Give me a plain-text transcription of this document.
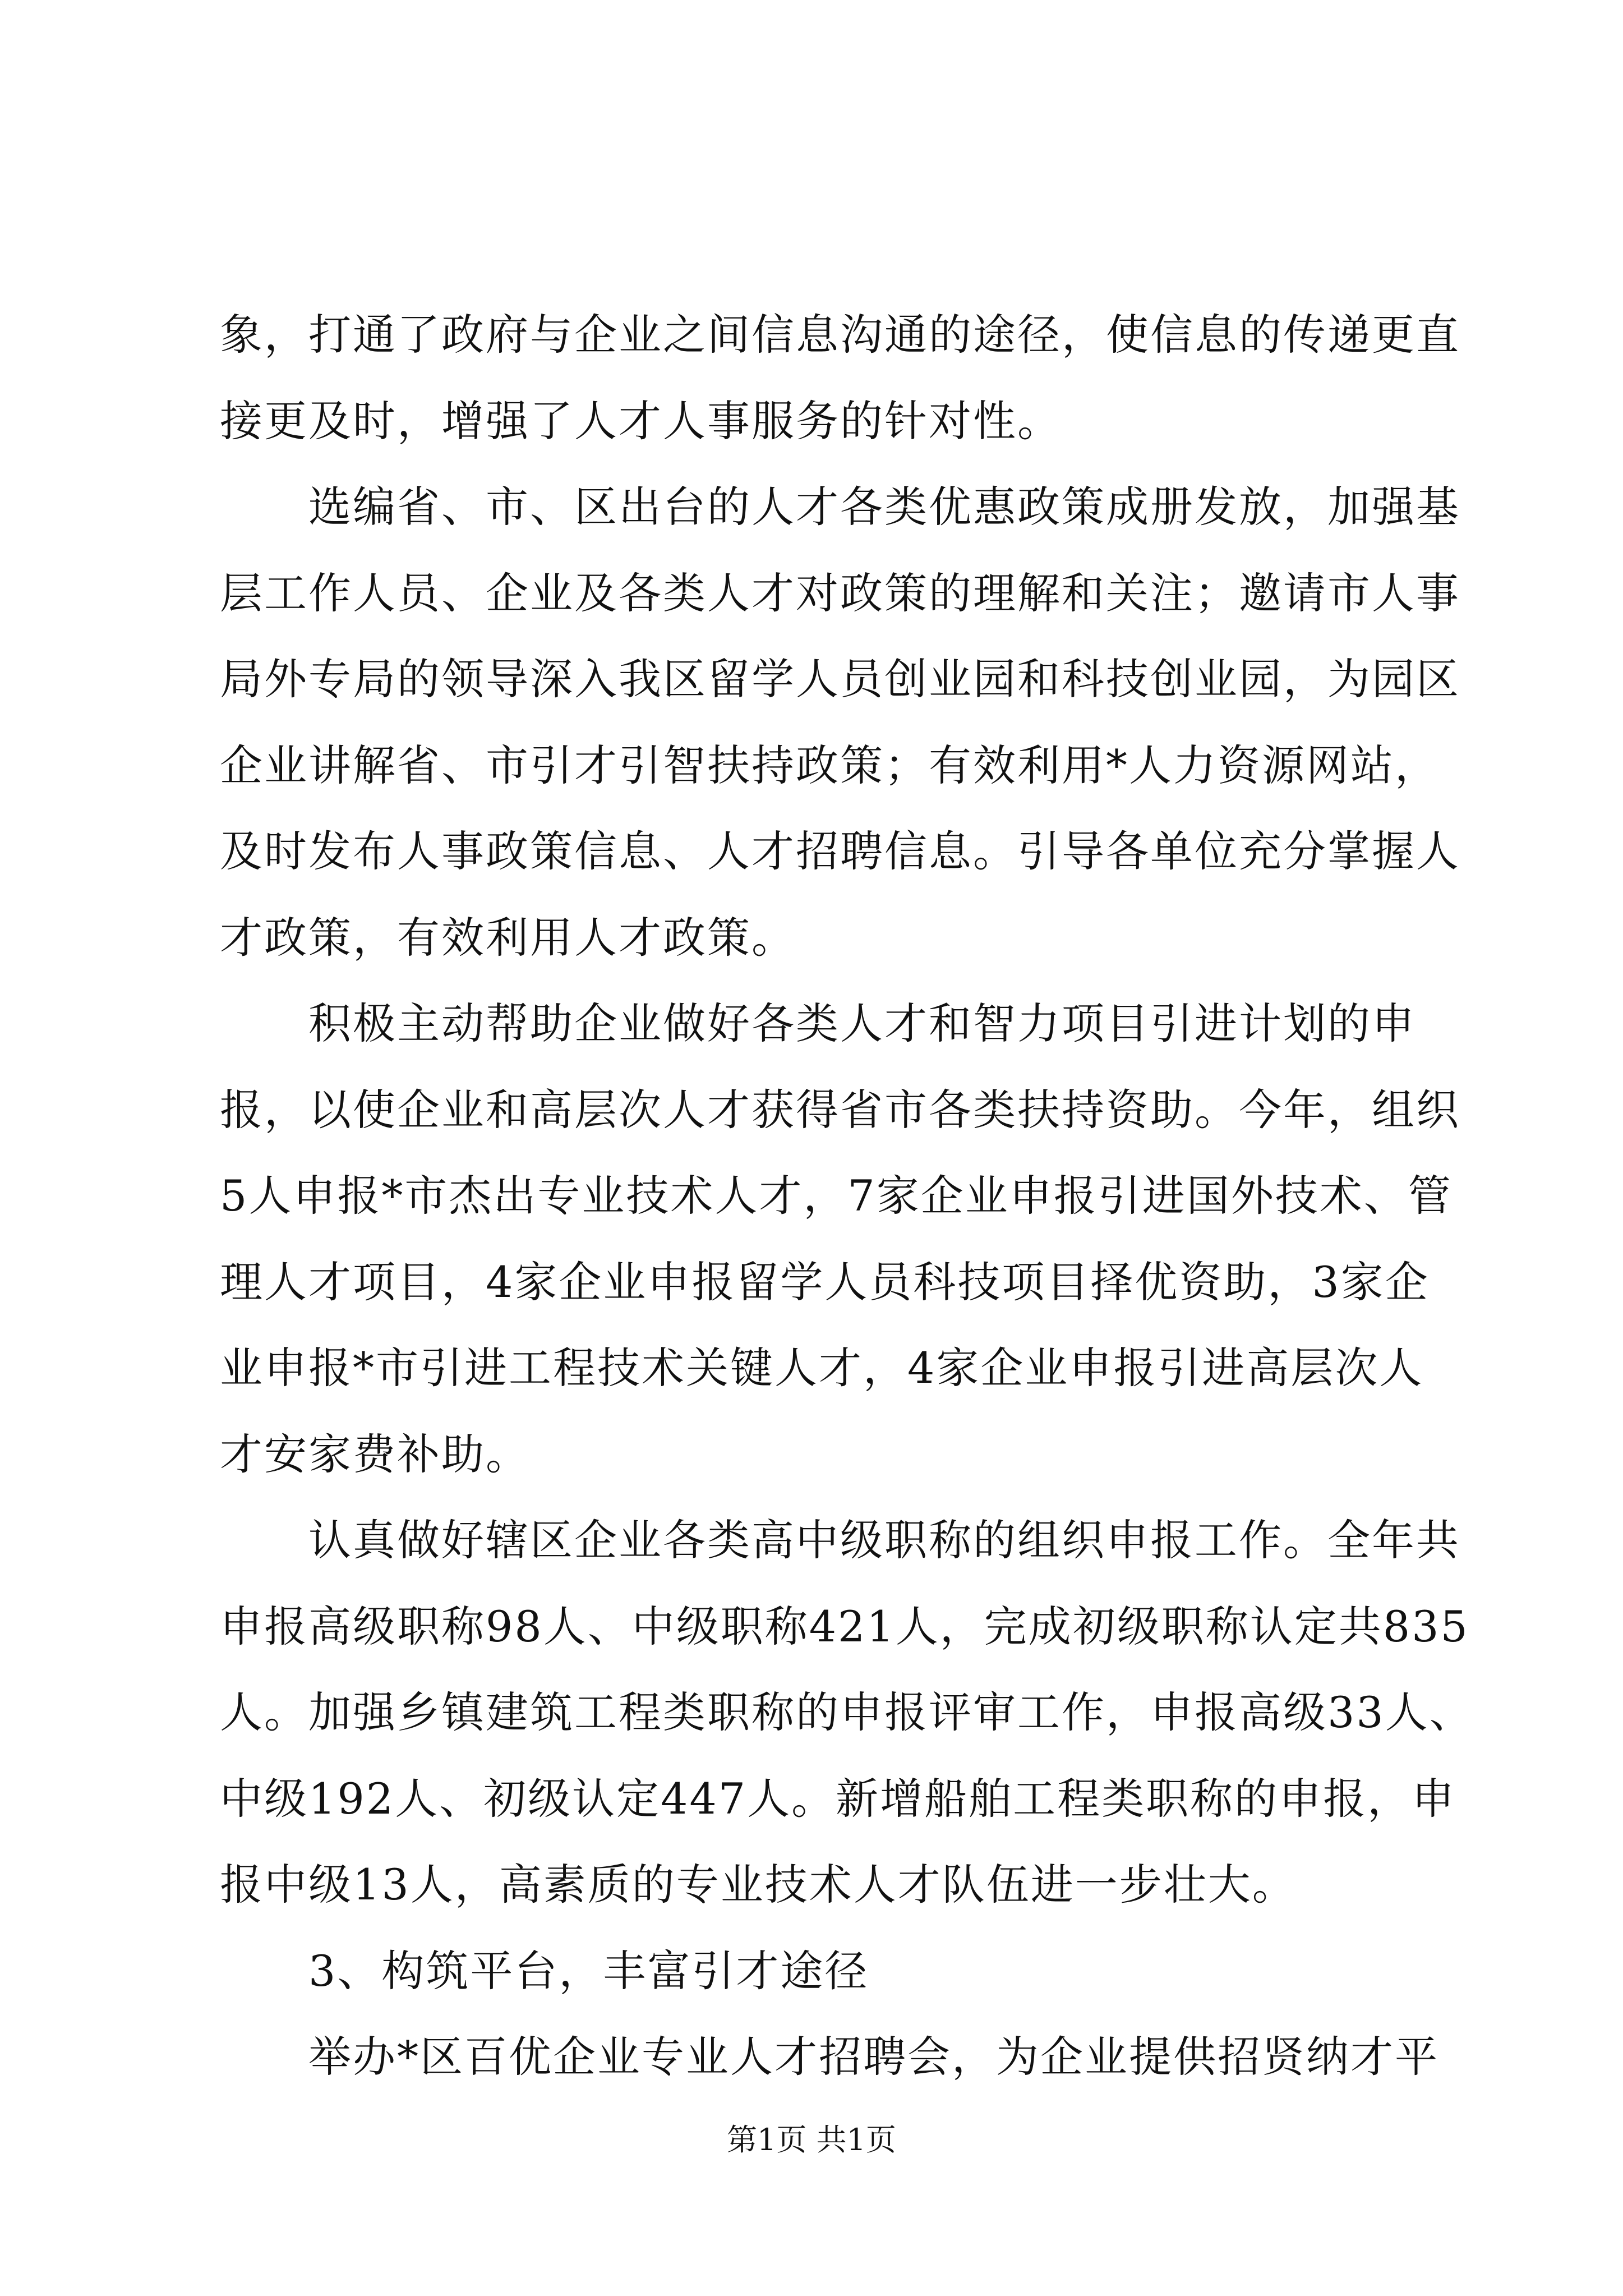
象，打通了政府与企业之间信息沟通的途径，使信息的传递更直
接更及时，增强了人才人事服务的针对性。
　　选编省、市、区出台的人才各类优惠政策成册发放，加强基
层工作人员、企业及各类人才对政策的理解和关注；邀请市人事
局外专局的领导深入我区留学人员创业园和科技创业园，为园区
企业讲解省、市引才引智扶持政策；有效利用*人力资源网站，
及时发布人事政策信息、人才招聘信息。引导各单位充分掌握人
才政策，有效利用人才政策。
　　积极主动帮助企业做好各类人才和智力项目引进计划的申
报，以使企业和高层次人才获得省市各类扶持资助。今年，组织
5人申报*市杰出专业技术人才，7家企业申报引进国外技术、管
理人才项目，4家企业申报留学人员科技项目择优资助，3家企
业申报*市引进工程技术关键人才，4家企业申报引进高层次人
才安家费补助。
　　认真做好辖区企业各类高中级职称的组织申报工作。全年共
申报高级职称98人、中级职称421人，完成初级职称认定共835
人。加强乡镇建筑工程类职称的申报评审工作，申报高级33人、
中级192人、初级认定447人。新增船舶工程类职称的申报，申
报中级13人，高素质的专业技术人才队伍进一步壮大。
　　3、构筑平台，丰富引才途径
　　举办*区百优企业专业人才招聘会，为企业提供招贤纳才平
第1页 共1页
